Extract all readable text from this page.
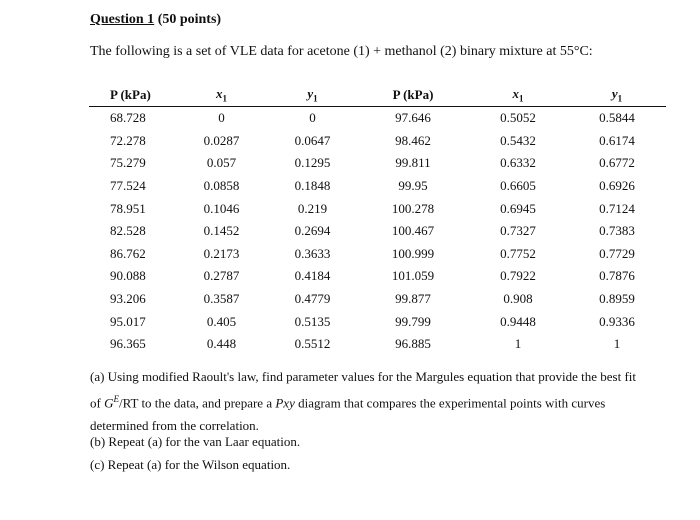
Question 1 (50 points)
The following is a set of VLE data for acetone (1) + methanol (2) binary mixture at 55°C:
P (kPa)	$x_1$	$y_1$	P (kPa)	$x_1$	$y_1$
68.728	0	0	97.646	0.5052	0.5844
72.278	0.0287	0.0647	98.462	0.5432	0.6174
75.279	0.057	0.1295	99.811	0.6332	0.6772
77.524	0.0858	0.1848	99.95	0.6605	0.6926
78.951	0.1046	0.219	100.278	0.6945	0.7124
82.528	0.1452	0.2694	100.467	0.7327	0.7383
86.762	0.2173	0.3633	100.999	0.7752	0.7729
90.088	0.2787	0.4184	101.059	0.7922	0.7876
93.206	0.3587	0.4779	99.877	0.908	0.8959
95.017	0.405	0.5135	99.799	0.9448	0.9336
96.365	0.448	0.5512	96.885	1	1
(a) Using modified Raoult's law, find parameter values for the Margules equation that provide the best fit of $G^E/RT$ to the data, and prepare a Pxy diagram that compares the experimental points with curves determined from the correlation.
(b) Repeat (a) for the van Laar equation.
(c) Repeat (a) for the Wilson equation.
